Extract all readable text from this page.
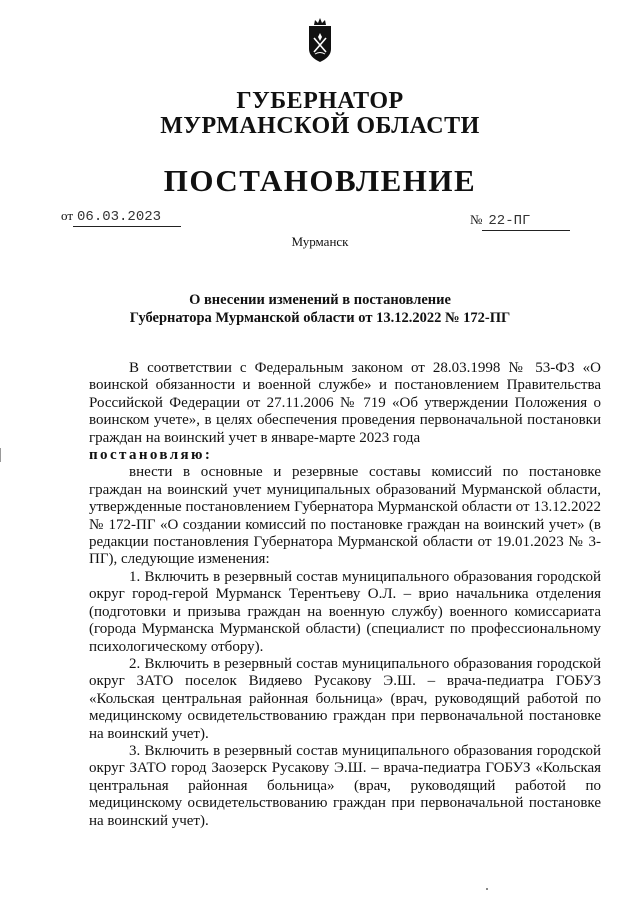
ГУБЕРНАТОР
МУРМАНСКОЙ ОБЛАСТИ
ПОСТАНОВЛЕНИЕ
от 06.03.2023	№ 22-ПГ
Мурманск
О внесении изменений в постановление
Губернатора Мурманской области от 13.12.2022 № 172-ПГ

В соответствии с Федеральным законом от 28.03.1998 № 53-ФЗ «О воинской обязанности и военной службе» и постановлением Правительства Российской Федерации от 27.11.2006 № 719 «Об утверждении Положения о воинском учете», в целях обеспечения проведения первоначальной постановки граждан на воинский учет в январе-марте 2023 года

постановляю:

внести в основные и резервные составы комиссий по постановке граждан на воинский учет муниципальных образований Мурманской области, утвержденные постановлением Губернатора Мурманской области от 13.12.2022 № 172-ПГ «О создании комиссий по постановке граждан на воинский учет» (в редакции постановления Губернатора Мурманской области от 19.01.2023 № 3-ПГ), следующие изменения:

1. Включить в резервный состав муниципального образования городской округ город-герой Мурманск Терентьеву О.Л. – врио начальника отделения (подготовки и призыва граждан на военную службу) военного комиссариата (города Мурманска Мурманской области) (специалист по профессиональному психологическому отбору).

2. Включить в резервный состав муниципального образования городской округ ЗАТО поселок Видяево Русакову Э.Ш. – врача-педиатра ГОБУЗ «Кольская центральная районная больница» (врач, руководящий работой по медицинскому освидетельствованию граждан при первоначальной постановке на воинский учет).

3. Включить в резервный состав муниципального образования городской округ ЗАТО город Заозерск Русакову Э.Ш. – врача-педиатра ГОБУЗ «Кольская центральная районная больница» (врач, руководящий работой по медицинскому освидетельствованию граждан при первоначальной постановке на воинский учет).
